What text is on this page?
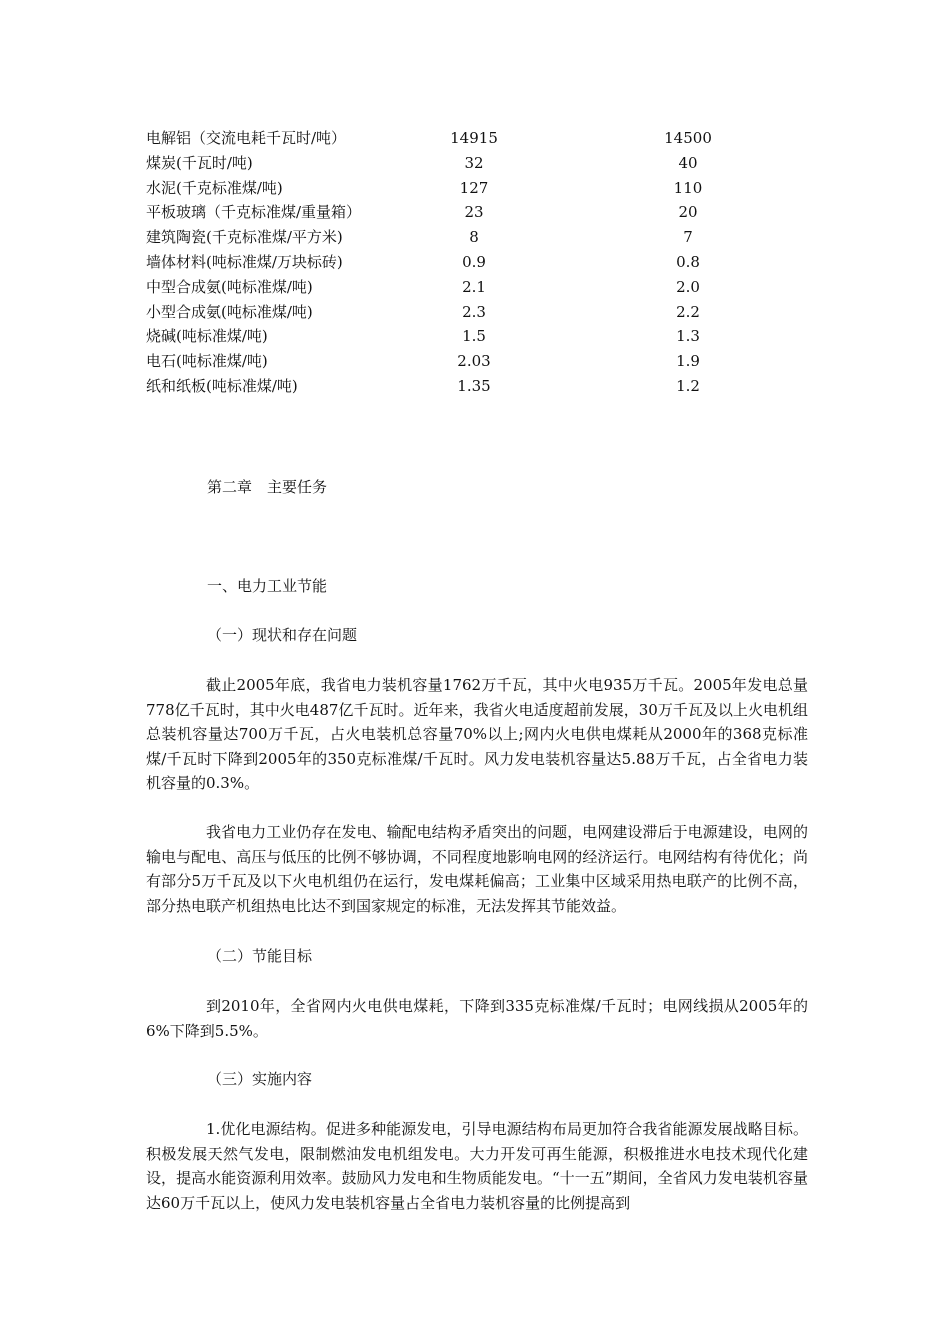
电解铝（交流电耗千瓦时/吨）	14915	14500
煤炭(千瓦时/吨)	32	40
水泥(千克标准煤/吨)	127	110
平板玻璃（千克标准煤/重量箱）	23	20
建筑陶瓷(千克标准煤/平方米)	8	7
墙体材料(吨标准煤/万块标砖)	0.9	0.8
中型合成氨(吨标准煤/吨)	2.1	2.0
小型合成氨(吨标准煤/吨)	2.3	2.2
烧碱(吨标准煤/吨)	1.5	1.3
电石(吨标准煤/吨)	2.03	1.9
纸和纸板(吨标准煤/吨)	1.35	1.2
第二章　主要任务
一、电力工业节能
（一）现状和存在问题

截止2005年底，我省电力装机容量1762万千瓦，其中火电935万千瓦。2005年发电总量778亿千瓦时，其中火电487亿千瓦时。近年来，我省火电适度超前发展，30万千瓦及以上火电机组总装机容量达700万千瓦，占火电装机总容量70%以上;网内火电供电煤耗从2000年的368克标准煤/千瓦时下降到2005年的350克标准煤/千瓦时。风力发电装机容量达5.88万千瓦，占全省电力装机容量的0.3%。

我省电力工业仍存在发电、输配电结构矛盾突出的问题，电网建设滞后于电源建设，电网的输电与配电、高压与低压的比例不够协调，不同程度地影响电网的经济运行。电网结构有待优化；尚有部分5万千瓦及以下火电机组仍在运行，发电煤耗偏高；工业集中区域采用热电联产的比例不高，部分热电联产机组热电比达不到国家规定的标准，无法发挥其节能效益。

（二）节能目标

到2010年，全省网内火电供电煤耗，下降到335克标准煤/千瓦时；电网线损从2005年的6%下降到5.5%。

（三）实施内容

1.优化电源结构。促进多种能源发电，引导电源结构布局更加符合我省能源发展战略目标。积极发展天然气发电，限制燃油发电机组发电。大力开发可再生能源，积极推进水电技术现代化建设，提高水能资源利用效率。鼓励风力发电和生物质能发电。“十一五”期间，全省风力发电装机容量达60万千瓦以上，使风力发电装机容量占全省电力装机容量的比例提高到
